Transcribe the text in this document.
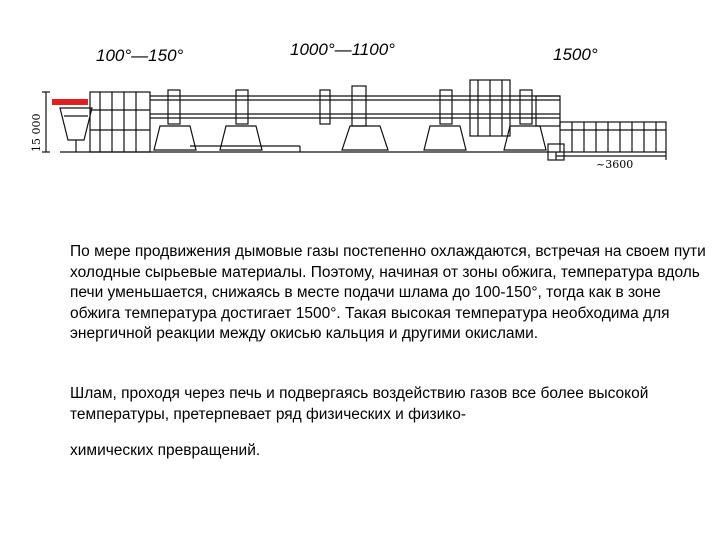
100°—150°	1000°—1100°	1500°
15 000
~3600

По мере продвижения дымовые газы постепенно охлаждаются, встречая на своем пути холодные сырьевые материалы. Поэтому, начиная от зоны обжига, температура вдоль печи уменьшается, снижаясь в месте подачи шлама до 100-150°, тогда как в зоне обжига температура достигает 1500°. Такая высокая температура необходима для энергичной реакции между окисью кальция и другими окислами.

Шлам, проходя через печь и подвергаясь воздействию газов все более высокой температуры, претерпевает ряд физических и физико-

химических превращений.
